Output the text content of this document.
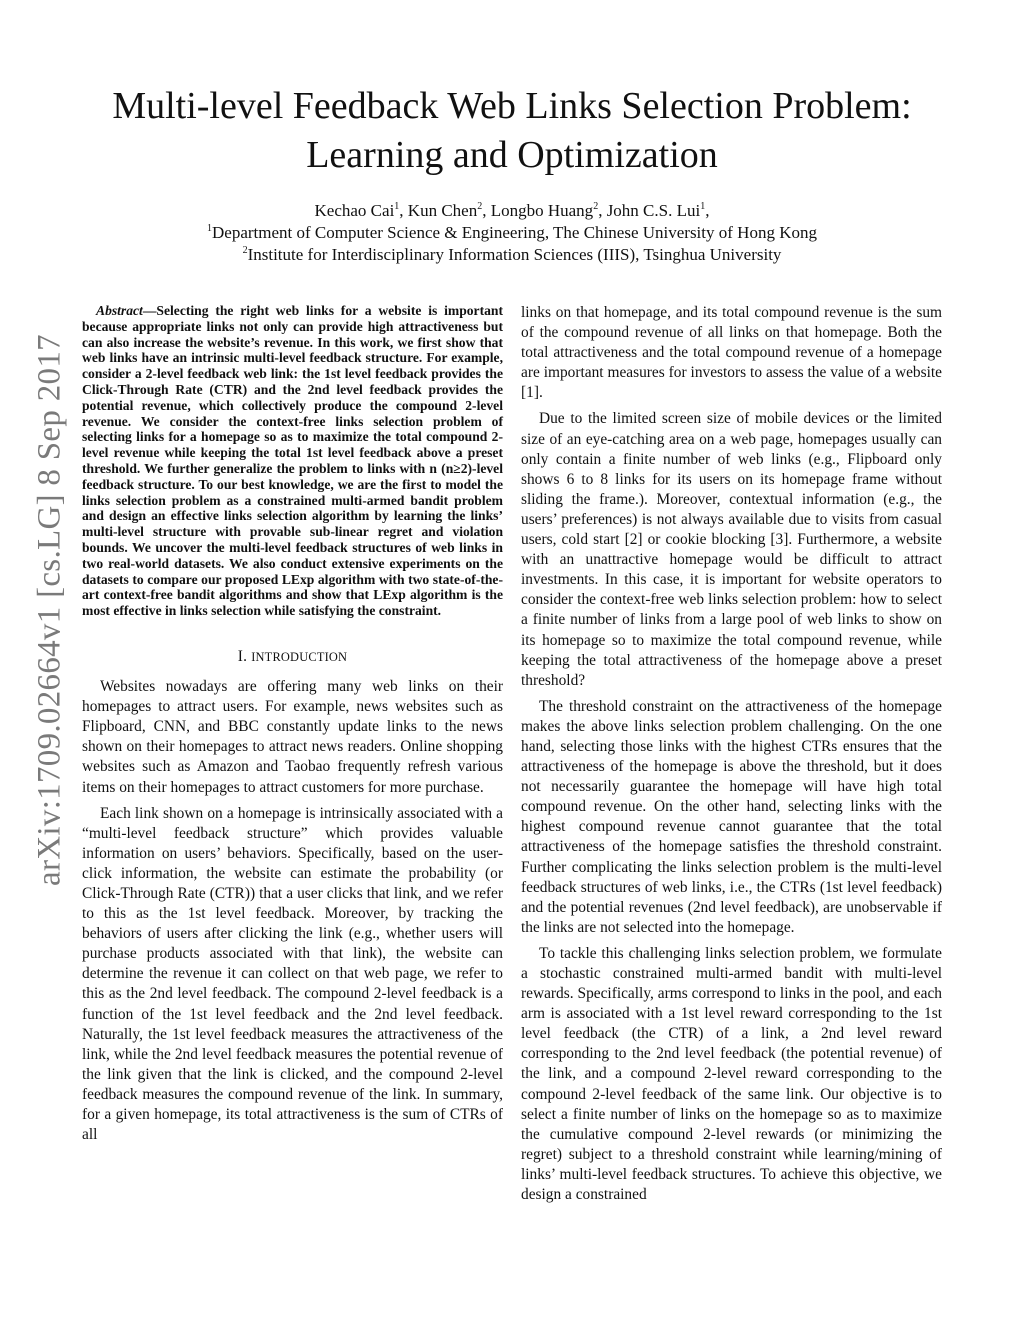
arXiv:1709.02664v1 [cs.LG] 8 Sep 2017
Multi-level Feedback Web Links Selection Problem:
Learning and Optimization
Kechao Cai$^1$, Kun Chen$^2$, Longbo Huang$^2$, John C.S. Lui$^1$,
$^1$Department of Computer Science & Engineering, The Chinese University of Hong Kong
$^2$Institute for Interdisciplinary Information Sciences (IIIS), Tsinghua University

Abstract—Selecting the right web links for a website is important because appropriate links not only can provide high attractiveness but can also increase the website’s revenue. In this work, we first show that web links have an intrinsic multi-level feedback structure. For example, consider a 2-level feedback web link: the 1st level feedback provides the Click-Through Rate (CTR) and the 2nd level feedback provides the potential revenue, which collectively produce the compound 2-level revenue. We consider the context-free links selection problem of selecting links for a homepage so as to maximize the total compound 2-level revenue while keeping the total 1st level feedback above a preset threshold. We further generalize the problem to links with n (n≥2)-level feedback structure. To our best knowledge, we are the first to model the links selection problem as a constrained multi-armed bandit problem and design an effective links selection algorithm by learning the links’ multi-level structure with provable sub-linear regret and violation bounds. We uncover the multi-level feedback structures of web links in two real-world datasets. We also conduct extensive experiments on the datasets to compare our proposed LExp algorithm with two state-of-the-art context-free bandit algorithms and show that LExp algorithm is the most effective in links selection while satisfying the constraint.

I. INTRODUCTION

Websites nowadays are offering many web links on their homepages to attract users. For example, news websites such as Flipboard, CNN, and BBC constantly update links to the news shown on their homepages to attract news readers. Online shopping websites such as Amazon and Taobao frequently refresh various items on their homepages to attract customers for more purchase.

Each link shown on a homepage is intrinsically associated with a “multi-level feedback structure” which provides valuable information on users’ behaviors. Specifically, based on the user-click information, the website can estimate the probability (or Click-Through Rate (CTR)) that a user clicks that link, and we refer to this as the 1st level feedback. Moreover, by tracking the behaviors of users after clicking the link (e.g., whether users will purchase products associated with that link), the website can determine the revenue it can collect on that web page, we refer to this as the 2nd level feedback. The compound 2-level feedback is a function of the 1st level feedback and the 2nd level feedback. Naturally, the 1st level feedback measures the attractiveness of the link, while the 2nd level feedback measures the potential revenue of the link given that the link is clicked, and the compound 2-level feedback measures the compound revenue of the link. In summary, for a given homepage, its total attractiveness is the sum of CTRs of all

links on that homepage, and its total compound revenue is the sum of the compound revenue of all links on that homepage. Both the total attractiveness and the total compound revenue of a homepage are important measures for investors to assess the value of a website [1].

Due to the limited screen size of mobile devices or the limited size of an eye-catching area on a web page, homepages usually can only contain a finite number of web links (e.g., Flipboard only shows 6 to 8 links for its users on its homepage frame without sliding the frame.). Moreover, contextual information (e.g., the users’ preferences) is not always available due to visits from casual users, cold start [2] or cookie blocking [3]. Furthermore, a website with an unattractive homepage would be difficult to attract investments. In this case, it is important for website operators to consider the context-free web links selection problem: how to select a finite number of links from a large pool of web links to show on its homepage so to maximize the total compound revenue, while keeping the total attractiveness of the homepage above a preset threshold?

The threshold constraint on the attractiveness of the homepage makes the above links selection problem challenging. On the one hand, selecting those links with the highest CTRs ensures that the attractiveness of the homepage is above the threshold, but it does not necessarily guarantee the homepage will have high total compound revenue. On the other hand, selecting links with the highest compound revenue cannot guarantee that the total attractiveness of the homepage satisfies the threshold constraint. Further complicating the links selection problem is the multi-level feedback structures of web links, i.e., the CTRs (1st level feedback) and the potential revenues (2nd level feedback), are unobservable if the links are not selected into the homepage.

To tackle this challenging links selection problem, we formulate a stochastic constrained multi-armed bandit with multi-level rewards. Specifically, arms correspond to links in the pool, and each arm is associated with a 1st level reward corresponding to the 1st level feedback (the CTR) of a link, a 2nd level reward corresponding to the 2nd level feedback (the potential revenue) of the link, and a compound 2-level reward corresponding to the compound 2-level feedback of the same link. Our objective is to select a finite number of links on the homepage so as to maximize the cumulative compound 2-level rewards (or minimizing the regret) subject to a threshold constraint while learning/mining of links’ multi-level feedback structures. To achieve this objective, we design a constrained
